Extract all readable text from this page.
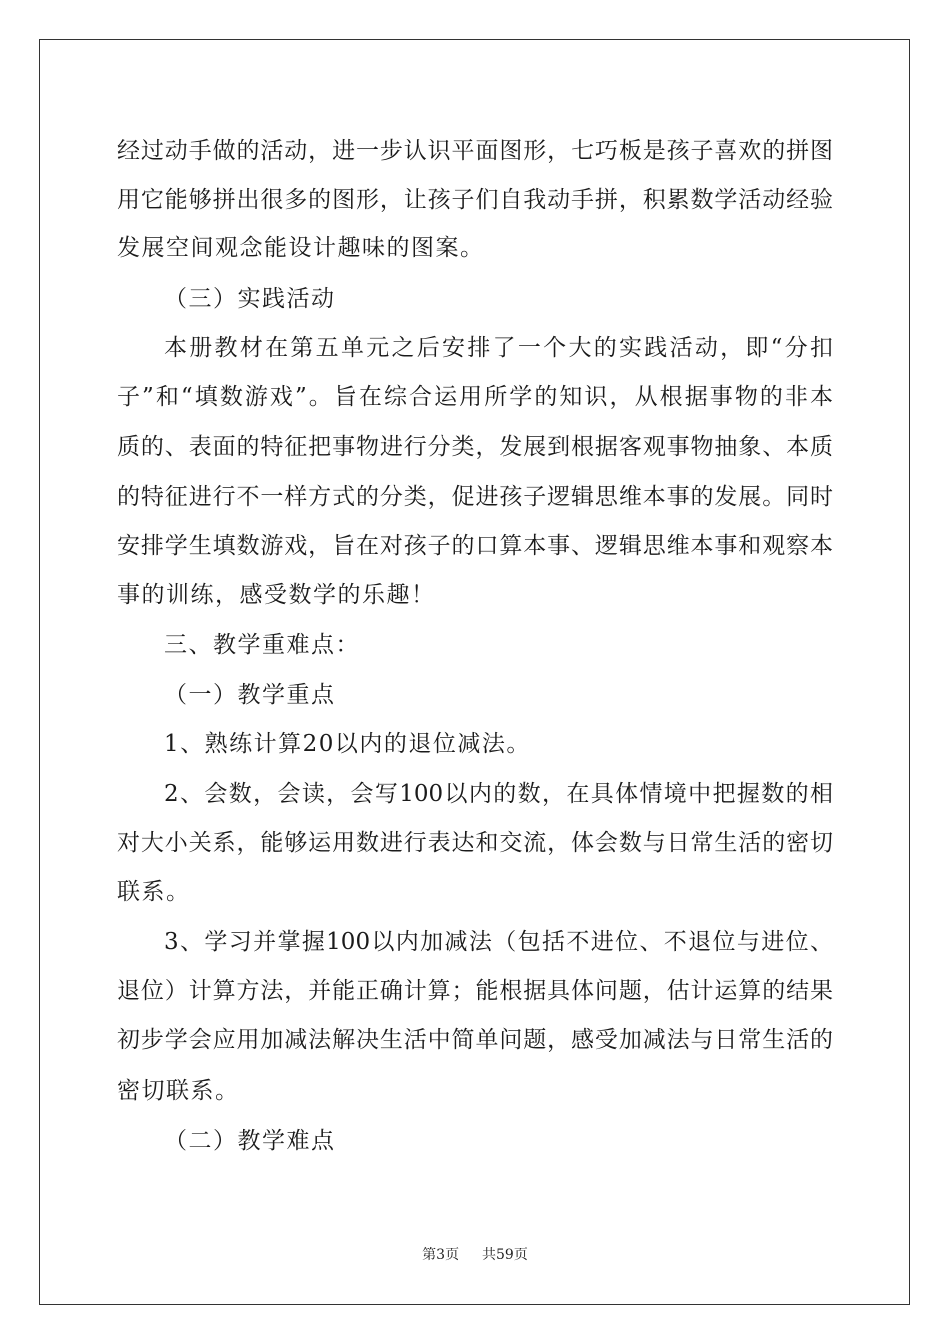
经过动手做的活动，进一步认识平面图形，七巧板是孩子喜欢的拼图
用它能够拼出很多的图形，让孩子们自我动手拼，积累数学活动经验
发展空间观念能设计趣味的图案。
（三）实践活动
本册教材在第五单元之后安排了一个大的实践活动，即“分扣
子”和“填数游戏”。旨在综合运用所学的知识，从根据事物的非本
质的、表面的特征把事物进行分类，发展到根据客观事物抽象、本质
的特征进行不一样方式的分类，促进孩子逻辑思维本事的发展。同时
安排学生填数游戏，旨在对孩子的口算本事、逻辑思维本事和观察本
事的训练，感受数学的乐趣！
三、教学重难点：
（一）教学重点
1、熟练计算20以内的退位减法。
2、会数，会读，会写100以内的数，在具体情境中把握数的相
对大小关系，能够运用数进行表达和交流，体会数与日常生活的密切
联系。
3、学习并掌握100以内加减法（包括不进位、不退位与进位、
退位）计算方法，并能正确计算；能根据具体问题，估计运算的结果
初步学会应用加减法解决生活中简单问题，感受加减法与日常生活的
密切联系。
（二）教学难点
第3页 共59页
